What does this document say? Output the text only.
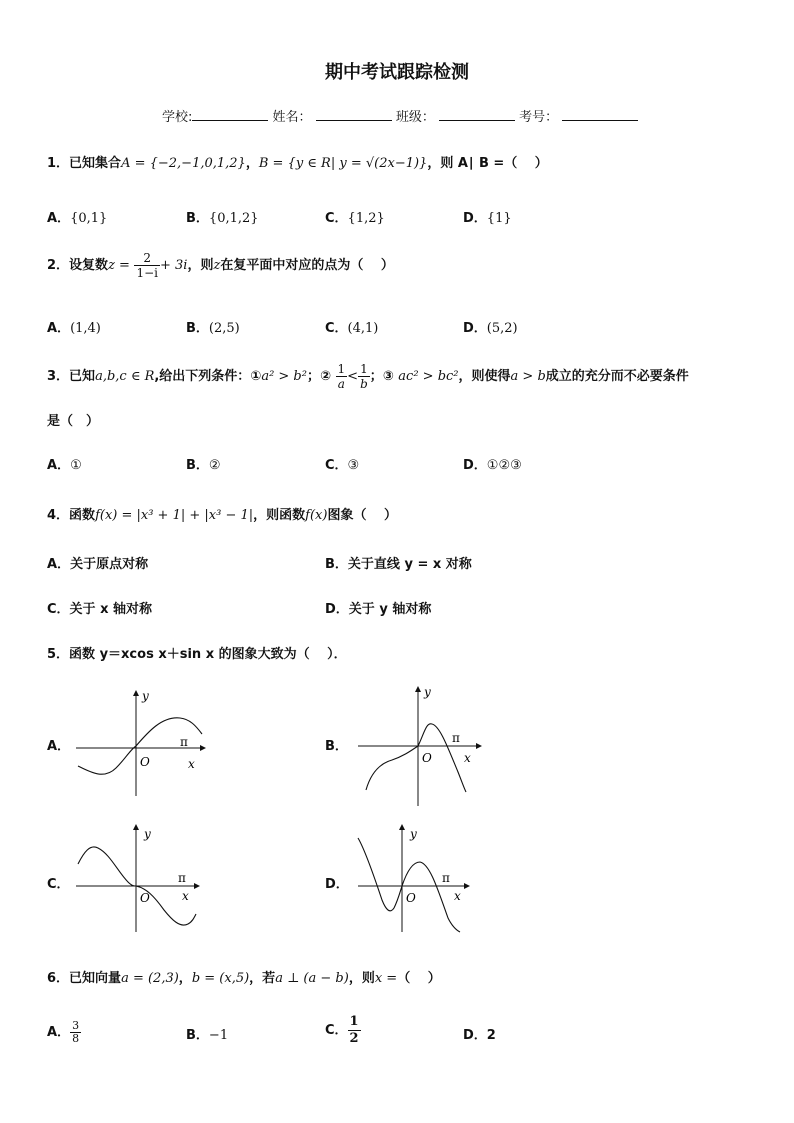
期中考试跟踪检测
学校:	姓名：	班级：	考号：
1．已知集合A = {−2,−1,0,1,2}，B = {y ∈ R| y = √(2x−1)}，则 A∣ B =（　 ）
A．{0,1}	B．{0,1,2}	C．{1,2}	D．{1}
2．设复数$z = \frac{2}{1-i} + 3i$，则z在复平面中对应的点为（　 ）
A．(1,4)	B．(2,5)	C．(4,1)	D．(5,2)
3．已知a,b,c ∈ R,给出下列条件：①a² > b²；② $\frac{1}{a} < \frac{1}{b}$ ；③ ac² > bc²，则使得a > b成立的充分而不必要条件
是（　）
A．①	B．②	C．③	D．①②③
4．函数f(x) = |x³ + 1| + |x³ − 1|，则函数f(x)图象（　 ）
A．关于原点对称	B．关于直线 y = x 对称
C．关于 x 轴对称	D．关于 y 轴对称
5．函数 y＝xcos x＋sin x 的图象大致为（　 ）．
A．	B．
C．	D．
y
x
O
π
y
x
O
π
y
x
O
π
y
x
O
π
6．已知向量a = (2,3)，b = (x,5)，若a ⊥ (a − b)，则x =（　 ）
A． $\frac{3}{8}$	B．−1	C． $\frac{1}{2}$	D．2
